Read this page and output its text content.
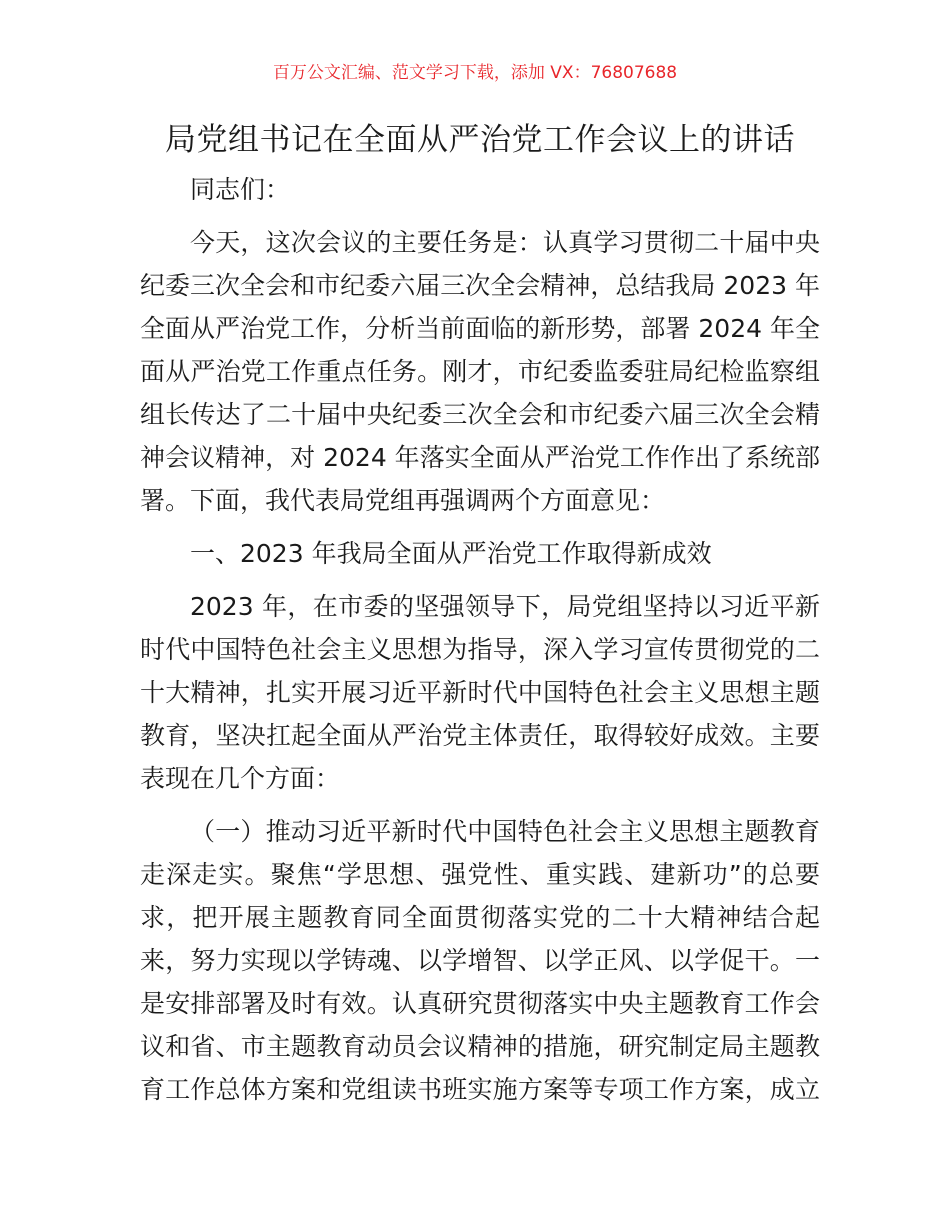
百万公文汇编、范文学习下载，添加 VX：76807688
局党组书记在全面从严治党工作会议上的讲话
同志们：
今天，这次会议的主要任务是：认真学习贯彻二十届中央
纪委三次全会和市纪委六届三次全会精神，总结我局 2023 年
全面从严治党工作，分析当前面临的新形势，部署 2024 年全
面从严治党工作重点任务。刚才，市纪委监委驻局纪检监察组
组长传达了二十届中央纪委三次全会和市纪委六届三次全会精
神会议精神，对 2024 年落实全面从严治党工作作出了系统部
署。下面，我代表局党组再强调两个方面意见：
一、2023 年我局全面从严治党工作取得新成效
2023 年，在市委的坚强领导下，局党组坚持以习近平新
时代中国特色社会主义思想为指导，深入学习宣传贯彻党的二
十大精神，扎实开展习近平新时代中国特色社会主义思想主题
教育，坚决扛起全面从严治党主体责任，取得较好成效。主要
表现在几个方面：
（一）推动习近平新时代中国特色社会主义思想主题教育
走深走实。聚焦“学思想、强党性、重实践、建新功”的总要
求，把开展主题教育同全面贯彻落实党的二十大精神结合起
来，努力实现以学铸魂、以学增智、以学正风、以学促干。一
是安排部署及时有效。认真研究贯彻落实中央主题教育工作会
议和省、市主题教育动员会议精神的措施，研究制定局主题教
育工作总体方案和党组读书班实施方案等专项工作方案，成立
